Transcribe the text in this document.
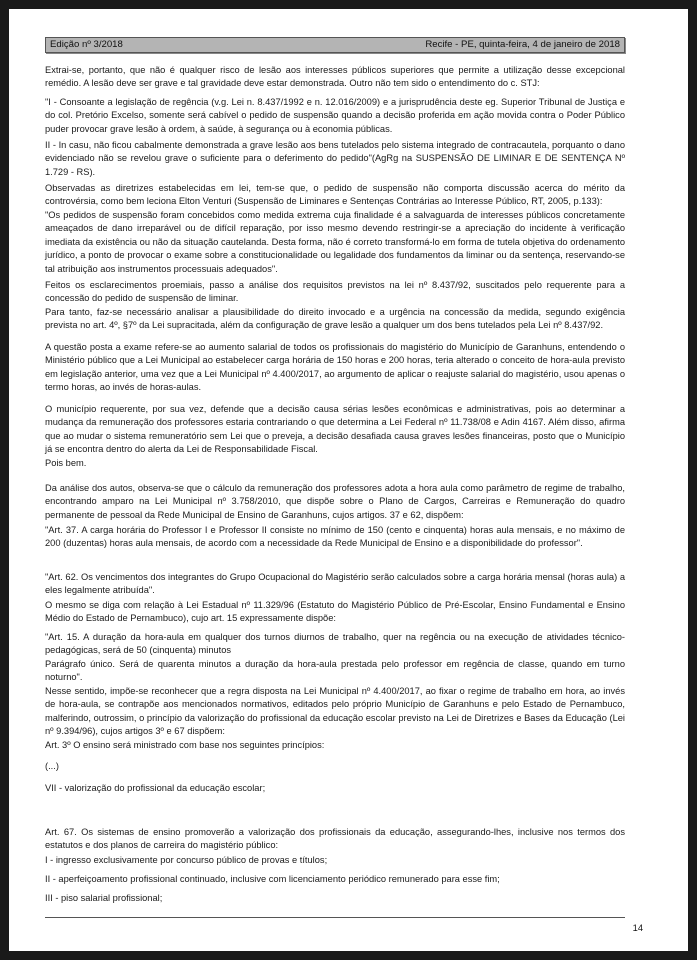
Edição nº 3/2018	Recife - PE, quinta-feira, 4 de janeiro de 2018

Extrai-se, portanto, que não é qualquer risco de lesão aos interesses públicos superiores que permite a utilização desse excepcional remédio. A lesão deve ser grave e tal gravidade deve estar demonstrada. Outro não tem sido o entendimento do c. STJ:

"I - Consoante a legislação de regência (v.g. Lei n. 8.437/1992 e n. 12.016/2009) e a jurisprudência deste eg. Superior Tribunal de Justiça e do col. Pretório Excelso, somente será cabível o pedido de suspensão quando a decisão proferida em ação movida contra o Poder Público puder provocar grave lesão à ordem, à saúde, à segurança ou à economia públicas.

II - In casu, não ficou cabalmente demonstrada a grave lesão aos bens tutelados pelo sistema integrado de contracautela, porquanto o dano evidenciado não se revelou grave o suficiente para o deferimento do pedido"(AgRg na SUSPENSÃO DE LIMINAR E DE SENTENÇA Nº 1.729 - RS).

Observadas as diretrizes estabelecidas em lei, tem-se que, o pedido de suspensão não comporta discussão acerca do mérito da controvérsia, como bem leciona Elton Venturi (Suspensão de Liminares e Sentenças Contrárias ao Interesse Público, RT, 2005, p.133):

"Os pedidos de suspensão foram concebidos como medida extrema cuja finalidade é a salvaguarda de interesses públicos concretamente ameaçados de dano irreparável ou de difícil reparação, por isso mesmo devendo restringir-se a apreciação do incidente à verificação imediata da existência ou não da situação cautelanda. Desta forma, não é correto transformá-lo em forma de tutela objetiva do ordenamento jurídico, a ponto de provocar o exame sobre a constitucionalidade ou legalidade dos fundamentos da liminar ou da sentença, reservando-se tal atribuição aos instrumentos processuais adequados".

Feitos os esclarecimentos proemiais, passo a análise dos requisitos previstos na lei nº 8.437/92, suscitados pelo requerente para a concessão do pedido de suspensão de liminar.

Para tanto, faz-se necessário analisar a plausibilidade do direito invocado e a urgência na concessão da medida, segundo exigência prevista no art. 4º, §7º da Lei supracitada, além da configuração de grave lesão a qualquer um dos bens tutelados pela Lei nº 8.437/92.

A questão posta a exame refere-se ao aumento salarial de todos os profissionais do magistério do Município de Garanhuns, entendendo o Ministério público que a Lei Municipal ao estabelecer carga horária de 150 horas e 200 horas, teria alterado o conceito de hora-aula previsto em legislação anterior, uma vez que a Lei Municipal nº 4.400/2017, ao argumento de aplicar o reajuste salarial do magistério, usou apenas o termo horas, ao invés de horas-aulas.

O município requerente, por sua vez, defende que a decisão causa sérias lesões econômicas e administrativas, pois ao determinar a mudança da remuneração dos professores estaria contrariando o que determina a Lei Federal nº 11.738/08 e Adin 4167. Além disso, afirma que ao mudar o sistema remuneratório sem Lei que o preveja, a decisão desafiada causa graves lesões financeiras, posto que o Município já se encontra dentro do alerta da Lei de Responsabilidade Fiscal.

Pois bem.

Da análise dos autos, observa-se que o cálculo da remuneração dos professores adota a hora aula como parâmetro de regime de trabalho, encontrando amparo na Lei Municipal nº 3.758/2010, que dispõe sobre o Plano de Cargos, Carreiras e Remuneração do quadro permanente de pessoal da Rede Municipal de Ensino de Garanhuns, cujos artigos. 37 e 62, dispõem:

"Art. 37. A carga horária do Professor I e Professor II consiste no mínimo de 150 (cento e cinquenta) horas aula mensais, e no máximo de 200 (duzentas) horas aula mensais, de acordo com a necessidade da Rede Municipal de Ensino e a disponibilidade do professor".

"Art. 62. Os vencimentos dos integrantes do Grupo Ocupacional do Magistério serão calculados sobre a carga horária mensal (horas aula) a eles legalmente atribuída".

O mesmo se diga com relação à Lei Estadual nº 11.329/96 (Estatuto do Magistério Público de Pré-Escolar, Ensino Fundamental e Ensino Médio do Estado de Pernambuco), cujo art. 15 expressamente dispõe:

"Art. 15. A duração da hora-aula em qualquer dos turnos diurnos de trabalho, quer na regência ou na execução de atividades técnico-pedagógicas, será de 50 (cinquenta) minutos

Parágrafo único. Será de quarenta minutos a duração da hora-aula prestada pelo professor em regência de classe, quando em turno noturno".

Nesse sentido, impõe-se reconhecer que a regra disposta na Lei Municipal nº 4.400/2017, ao fixar o regime de trabalho em hora, ao invés de hora-aula, se contrapõe aos mencionados normativos, editados pelo próprio Município de Garanhuns e pelo Estado de Pernambuco, malferindo, outrossim, o princípio da valorização do profissional da educação escolar previsto na Lei de Diretrizes e Bases da Educação (Lei nº 9.394/96), cujos artigos 3º e 67 dispõem:

Art. 3º O ensino será ministrado com base nos seguintes princípios:

(...)

VII - valorização do profissional da educação escolar;

Art. 67. Os sistemas de ensino promoverão a valorização dos profissionais da educação, assegurando-lhes, inclusive nos termos dos estatutos e dos planos de carreira do magistério público:

I - ingresso exclusivamente por concurso público de provas e títulos;

II - aperfeiçoamento profissional continuado, inclusive com licenciamento periódico remunerado para esse fim;

III - piso salarial profissional;

14
